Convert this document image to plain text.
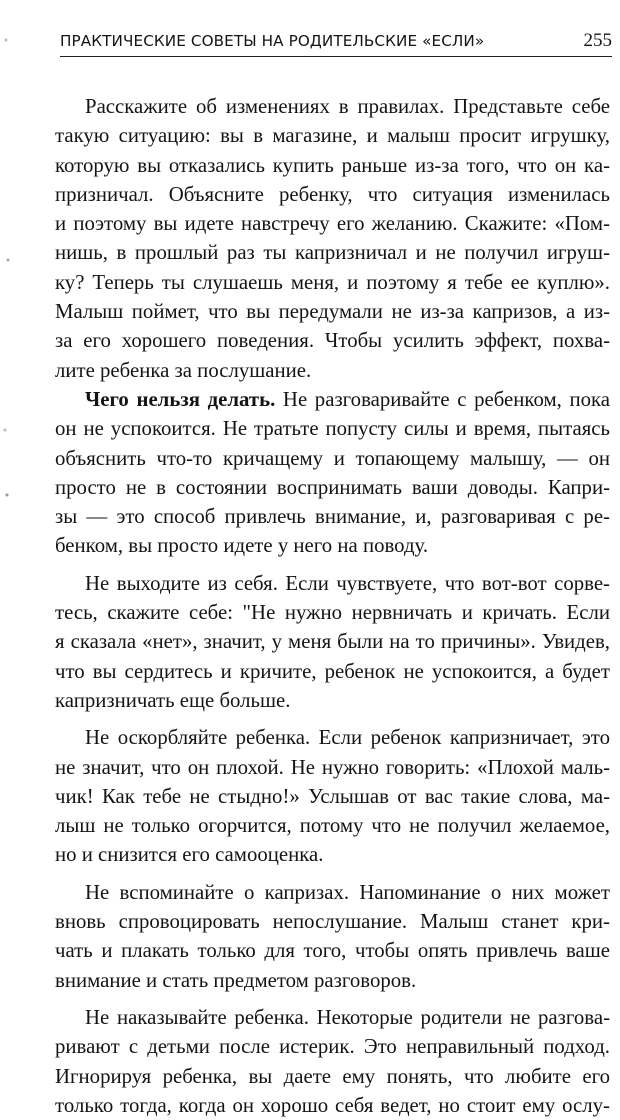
ПРАКТИЧЕСКИЕ СОВЕТЫ НА РОДИТЕЛЬСКИЕ «ЕСЛИ»	255
Расскажите об изменениях в правилах. Представьте себе
такую ситуацию: вы в магазине, и малыш просит игрушку,
которую вы отказались купить раньше из-за того, что он ка-
призничал. Объясните ребенку, что ситуация изменилась
и поэтому вы идете навстречу его желанию. Скажите: «Пом-
нишь, в прошлый раз ты капризничал и не получил игруш-
ку? Теперь ты слушаешь меня, и поэтому я тебе ее куплю».
Малыш поймет, что вы передумали не из-за капризов, а из-
за его хорошего поведения. Чтобы усилить эффект, похва-
лите ребенка за послушание.
Чего нельзя делать. Не разговаривайте с ребенком, пока
он не успокоится. Не тратьте попусту силы и время, пытаясь
объяснить что-то кричащему и топающему малышу, — он
просто не в состоянии воспринимать ваши доводы. Капри-
зы — это способ привлечь внимание, и, разговаривая с ре-
бенком, вы просто идете у него на поводу.
Не выходите из себя. Если чувствуете, что вот-вот сорве-
тесь, скажите себе: "Не нужно нервничать и кричать. Если
я сказала «нет», значит, у меня были на то причины». Увидев,
что вы сердитесь и кричите, ребенок не успокоится, а будет
капризничать еще больше.
Не оскорбляйте ребенка. Если ребенок капризничает, это
не значит, что он плохой. Не нужно говорить: «Плохой маль-
чик! Как тебе не стыдно!» Услышав от вас такие слова, ма-
лыш не только огорчится, потому что не получил желаемое,
но и снизится его самооценка.
Не вспоминайте о капризах. Напоминание о них может
вновь спровоцировать непослушание. Малыш станет кри-
чать и плакать только для того, чтобы опять привлечь ваше
внимание и стать предметом разговоров.
Не наказывайте ребенка. Некоторые родители не разгова-
ривают с детьми после истерик. Это неправильный подход.
Игнорируя ребенка, вы даете ему понять, что любите его
только тогда, когда он хорошо себя ведет, но стоит ему ослу-
